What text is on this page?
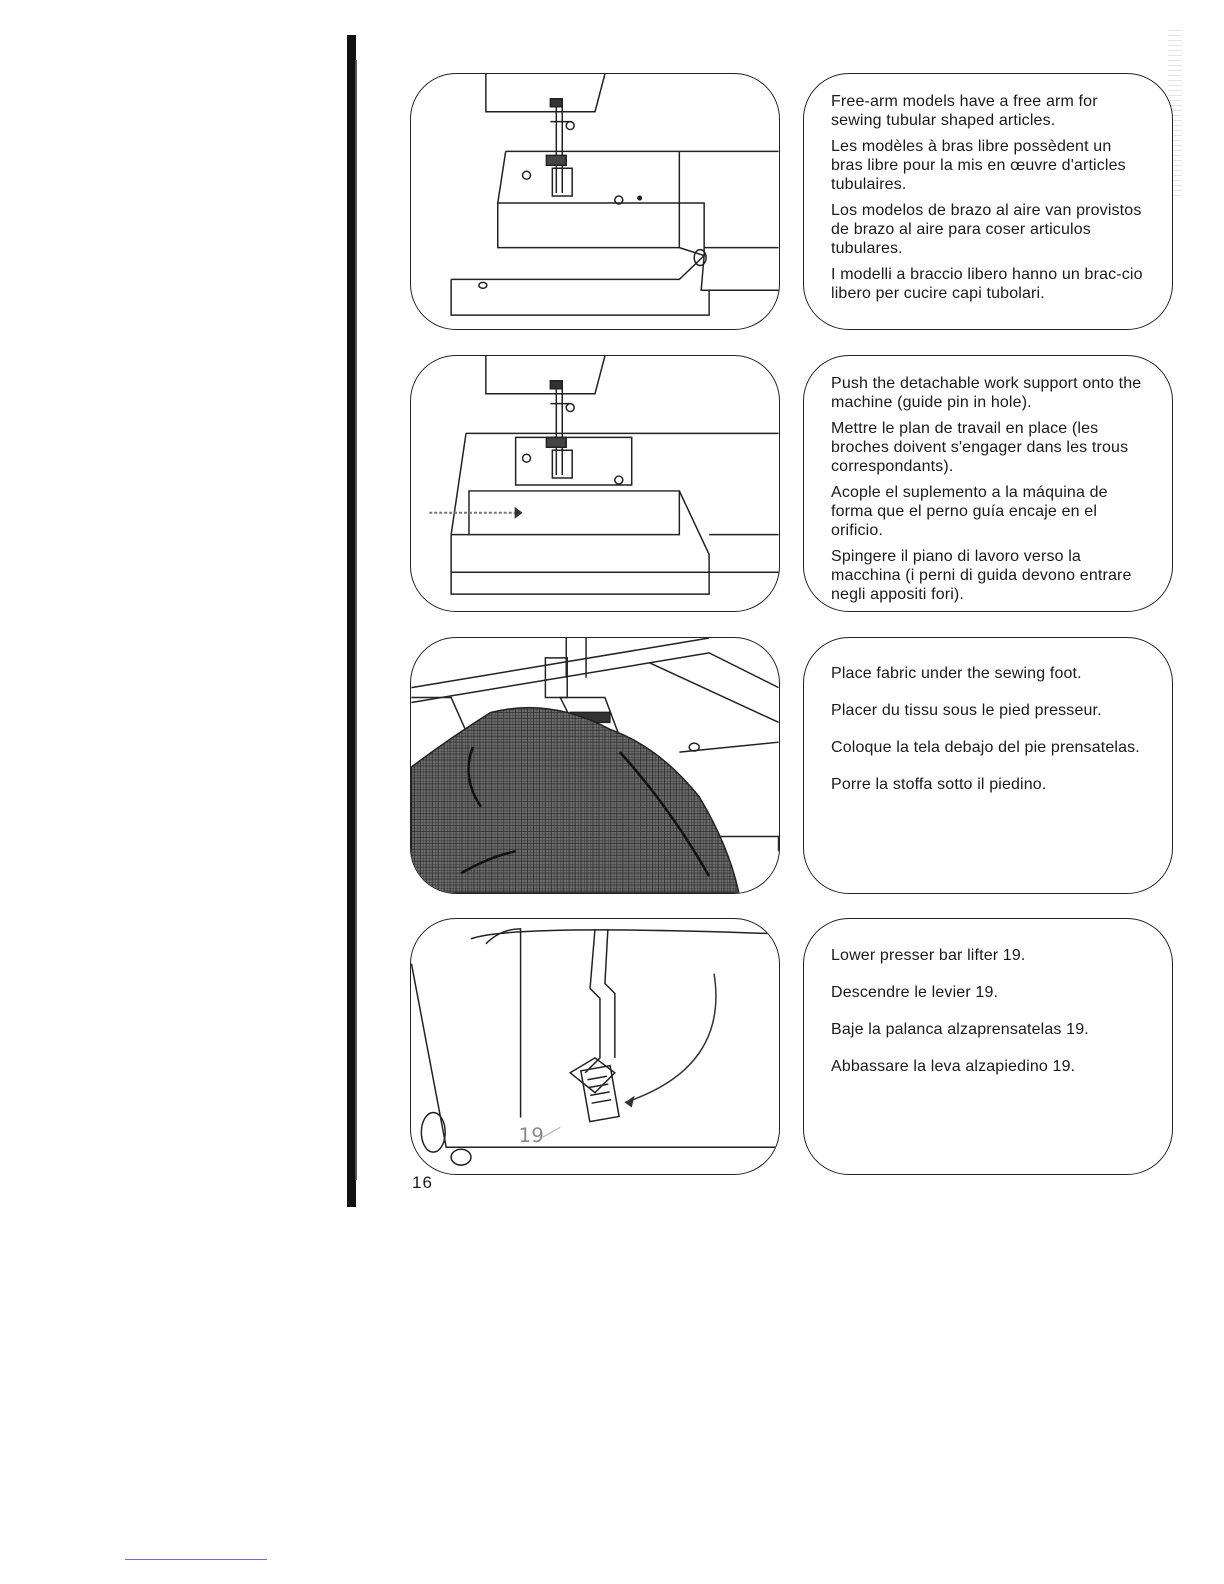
Free-arm models have a free arm for sewing tubular shaped articles.

Les modèles à bras libre possèdent un bras libre pour la mis en œuvre d'articles tubulaires.

Los modelos de brazo al aire van provistos de brazo al aire para coser articulos tubulares.

I modelli a braccio libero hanno un brac-cio libero per cucire capi tubolari.

Push the detachable work support onto the machine (guide pin in hole).

Mettre le plan de travail en place (les broches doivent s'engager dans les trous correspondants).

Acople el suplemento a la máquina de forma que el perno guía encaje en el orificio.

Spingere il piano di lavoro verso la macchina (i perni di guida devono entrare negli appositi fori).

Place fabric under the sewing foot.

Placer du tissu sous le pied presseur.

Coloque la tela debajo del pie prensatelas.

Porre la stoffa sotto il piedino.

19

Lower presser bar lifter 19.

Descendre le levier 19.

Baje la palanca alzaprensatelas 19.

Abbassare la leva alzapiedino 19.

16
